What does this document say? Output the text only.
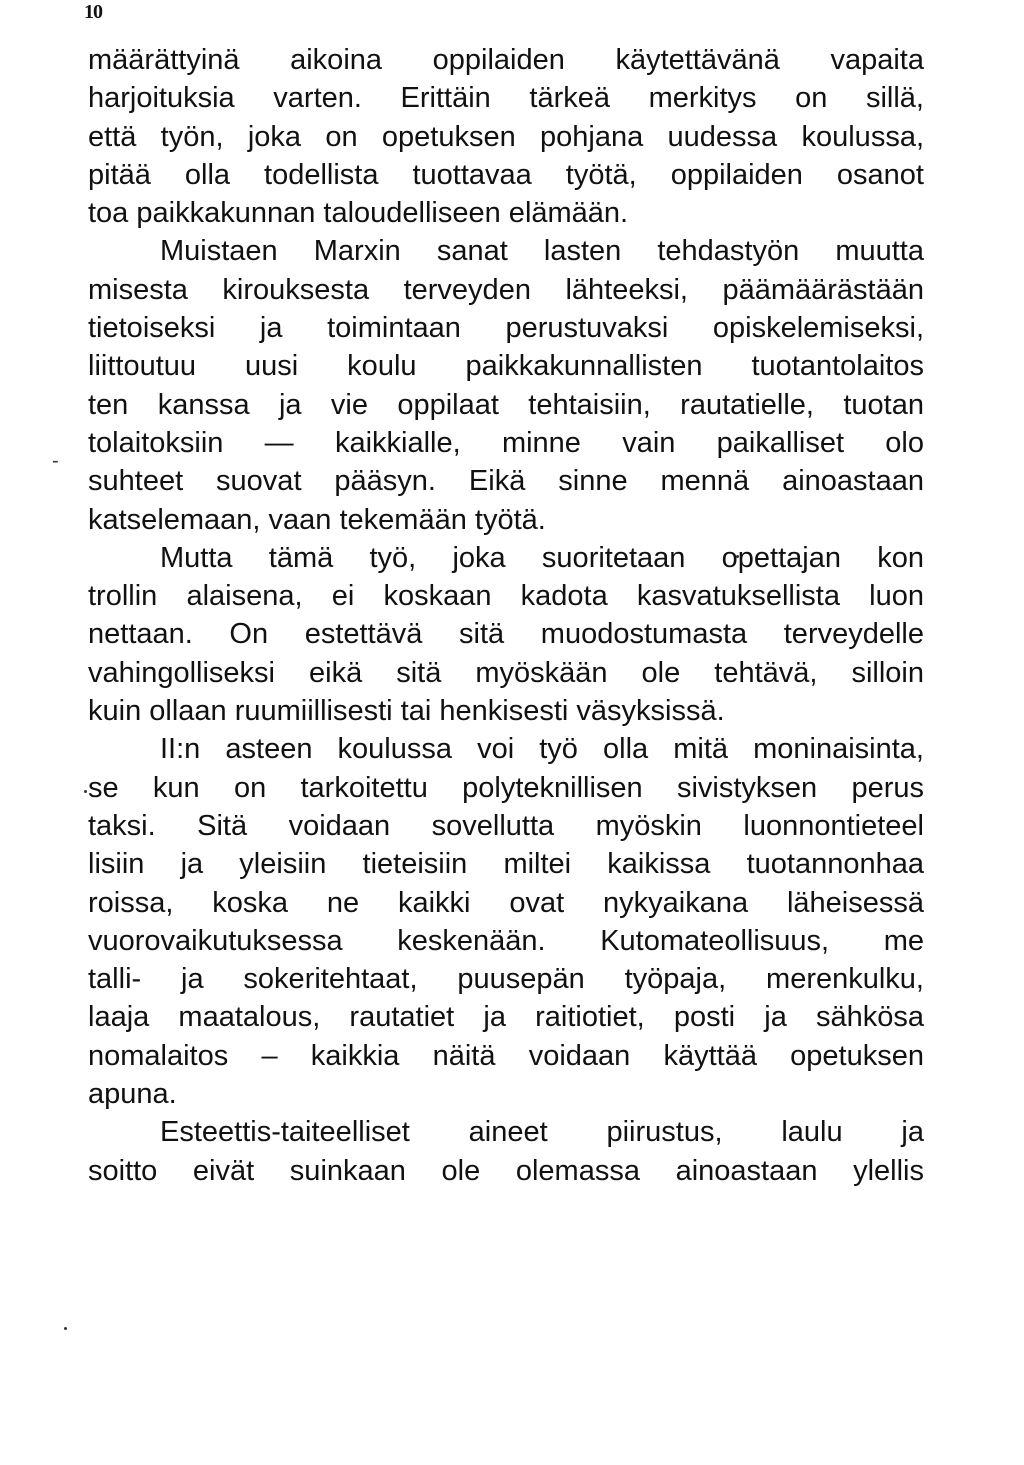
10
-
määrättyinä aikoina oppilaiden käytettävänä vapaita
harjoituksia varten. Erittäin tärkeä merkitys on sillä,
että työn, joka on opetuksen pohjana uudessa koulussa,
pitää olla todellista tuottavaa työtä, oppilaiden osanot
toa paikkakunnan taloudelliseen elämään.
Muistaen Marxin sanat lasten tehdastyön muutta
misesta kirouksesta terveyden lähteeksi, päämäärästään
tietoiseksi ja toimintaan perustuvaksi opiskelemiseksi,
liittoutuu uusi koulu paikkakunnallisten tuotantolaitos
ten kanssa ja vie oppilaat tehtaisiin, rautatielle, tuotan
tolaitoksiin — kaikkialle, minne vain paikalliset olo
suhteet suovat pääsyn. Eikä sinne mennä ainoastaan
katselemaan, vaan tekemään työtä.
Mutta tämä työ, joka suoritetaan opettajan kon
trollin alaisena, ei koskaan kadota kasvatuksellista luon
nettaan. On estettävä sitä muodostumasta terveydelle
vahingolliseksi eikä sitä myöskään ole tehtävä, silloin
kuin ollaan ruumiillisesti tai henkisesti väsyksissä.
II:n asteen koulussa voi työ olla mitä moninaisinta,
se kun on tarkoitettu polyteknillisen sivistyksen perus
taksi. Sitä voidaan sovellutta myöskin luonnontieteel
lisiin ja yleisiin tieteisiin miltei kaikissa tuotannonhaa
roissa, koska ne kaikki ovat nykyaikana läheisessä
vuorovaikutuksessa keskenään. Kutomateollisuus, me
talli- ja sokeritehtaat, puusepän työpaja, merenkulku,
laaja maatalous, rautatiet ja raitiotiet, posti ja sähkösa
nomalaitos – kaikkia näitä voidaan käyttää opetuksen
apuna.
Esteettis-taiteelliset aineet piirustus, laulu ja
soitto eivät suinkaan ole olemassa ainoastaan ylellis
